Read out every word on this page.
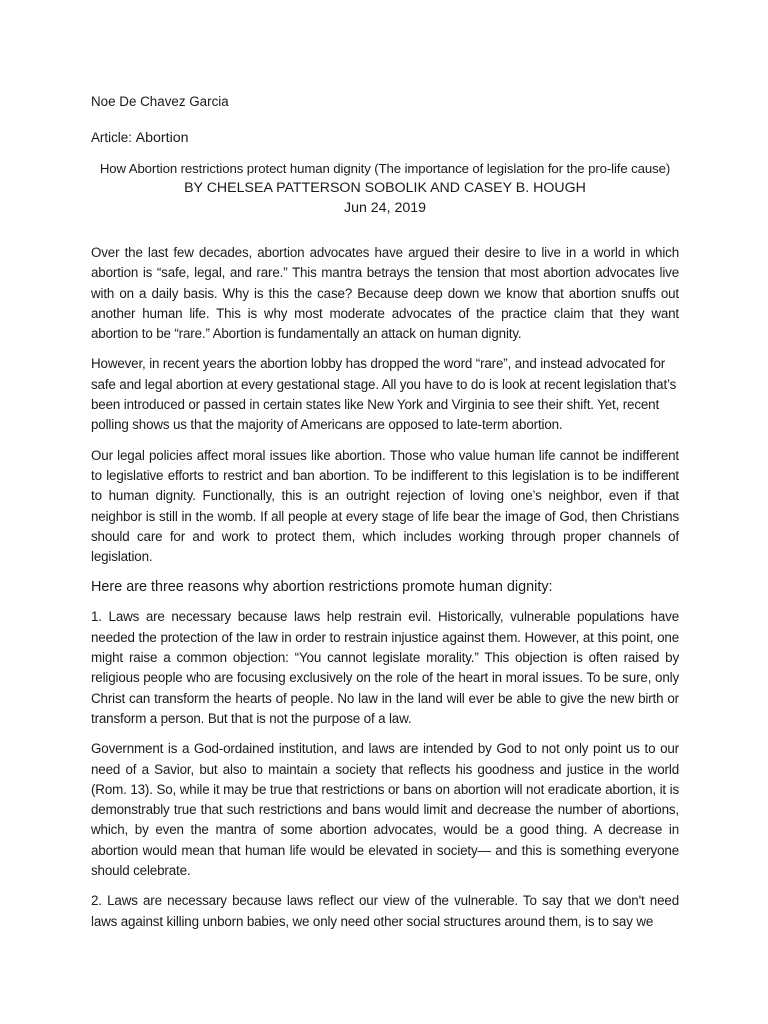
Noe De Chavez Garcia

Article: Abortion

How Abortion restrictions protect human dignity (The importance of legislation for the pro-life cause)

BY CHELSEA PATTERSON SOBOLIK AND CASEY B. HOUGH

Jun 24, 2019

Over the last few decades, abortion advocates have argued their desire to live in a world in which abortion is “safe, legal, and rare.” This mantra betrays the tension that most abortion advocates live with on a daily basis. Why is this the case? Because deep down we know that abortion snuffs out another human life. This is why most moderate advocates of the practice claim that they want abortion to be “rare.” Abortion is fundamentally an attack on human dignity.

However, in recent years the abortion lobby has dropped the word “rare”, and instead advocated for safe and legal abortion at every gestational stage. All you have to do is look at recent legislation that’s been introduced or passed in certain states like New York and Virginia to see their shift. Yet, recent polling shows us that the majority of Americans are opposed to late-term abortion.

Our legal policies affect moral issues like abortion. Those who value human life cannot be indifferent to legislative efforts to restrict and ban abortion. To be indifferent to this legislation is to be indifferent to human dignity. Functionally, this is an outright rejection of loving one’s neighbor, even if that neighbor is still in the womb. If all people at every stage of life bear the image of God, then Christians should care for and work to protect them, which includes working through proper channels of legislation.

Here are three reasons why abortion restrictions promote human dignity:

1. Laws are necessary because laws help restrain evil. Historically, vulnerable populations have needed the protection of the law in order to restrain injustice against them. However, at this point, one might raise a common objection: “You cannot legislate morality.” This objection is often raised by religious people who are focusing exclusively on the role of the heart in moral issues. To be sure, only Christ can transform the hearts of people. No law in the land will ever be able to give the new birth or transform a person. But that is not the purpose of a law.

Government is a God-ordained institution, and laws are intended by God to not only point us to our need of a Savior, but also to maintain a society that reflects his goodness and justice in the world (Rom. 13). So, while it may be true that restrictions or bans on abortion will not eradicate abortion, it is demonstrably true that such restrictions and bans would limit and decrease the number of abortions, which, by even the mantra of some abortion advocates, would be a good thing. A decrease in abortion would mean that human life would be elevated in society— and this is something everyone should celebrate.

2. Laws are necessary because laws reflect our view of the vulnerable. To say that we don't need laws against killing unborn babies, we only need other social structures around them, is to say we
